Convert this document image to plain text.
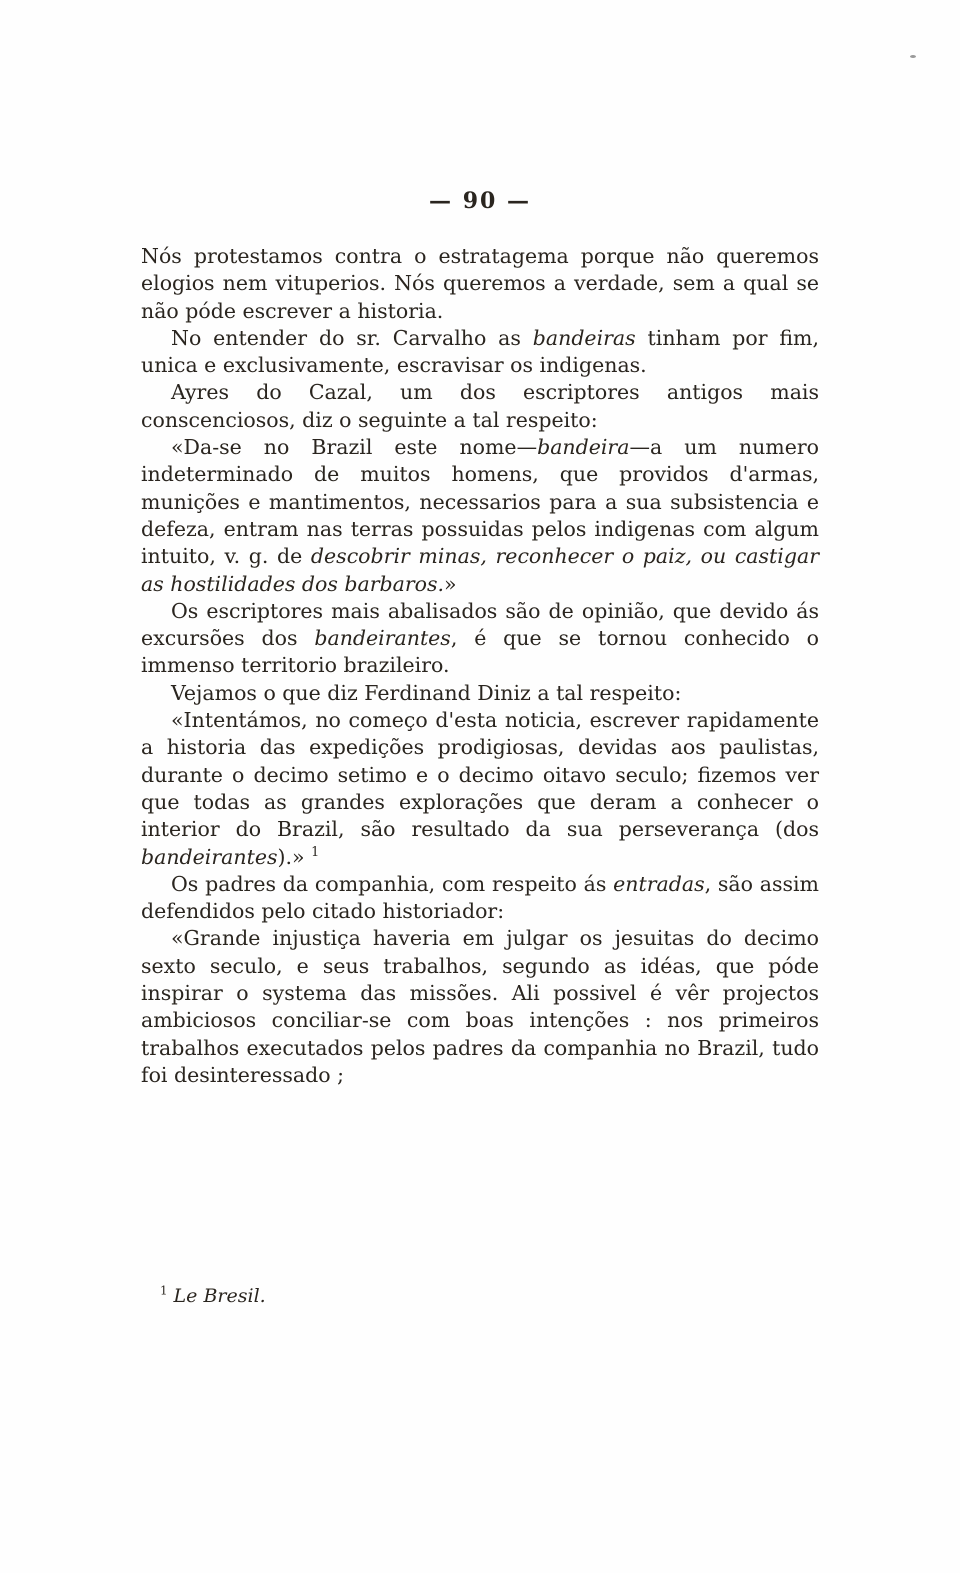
— 90 —

Nós protestamos contra o estratagema porque não queremos elogios nem vituperios. Nós queremos a verdade, sem a qual se não póde escrever a historia.

No entender do sr. Carvalho as bandeiras tinham por fim, unica e exclusivamente, escravisar os indigenas.

Ayres do Cazal, um dos escriptores antigos mais conscenciosos, diz o seguinte a tal respeito:

«Da-se no Brazil este nome—bandeira—a um numero indeterminado de muitos homens, que providos d'armas, munições e mantimentos, necessarios para a sua subsistencia e defeza, entram nas terras possuidas pelos indigenas com algum intuito, v. g. de descobrir minas, reconhecer o paiz, ou castigar as hostilidades dos barbaros.»

Os escriptores mais abalisados são de opinião, que devido ás excursões dos bandeirantes, é que se tornou conhecido o immenso territorio brazileiro.

Vejamos o que diz Ferdinand Diniz a tal respeito:

«Intentámos, no começo d'esta noticia, escrever rapidamente a historia das expedições prodigiosas, devidas aos paulistas, durante o decimo setimo e o decimo oitavo seculo; fizemos ver que todas as grandes explorações que deram a conhecer o interior do Brazil, são resultado da sua perseverança (dos bandeirantes).» $^1$

Os padres da companhia, com respeito ás entradas, são assim defendidos pelo citado historiador:

«Grande injustiça haveria em julgar os jesuitas do decimo sexto seculo, e seus trabalhos, segundo as idéas, que póde inspirar o systema das missões. Ali possivel é vêr projectos ambiciosos conciliar-se com boas intenções : nos primeiros trabalhos executados pelos padres da companhia no Brazil, tudo foi desinteressado ;

$^1$ Le Bresil.
